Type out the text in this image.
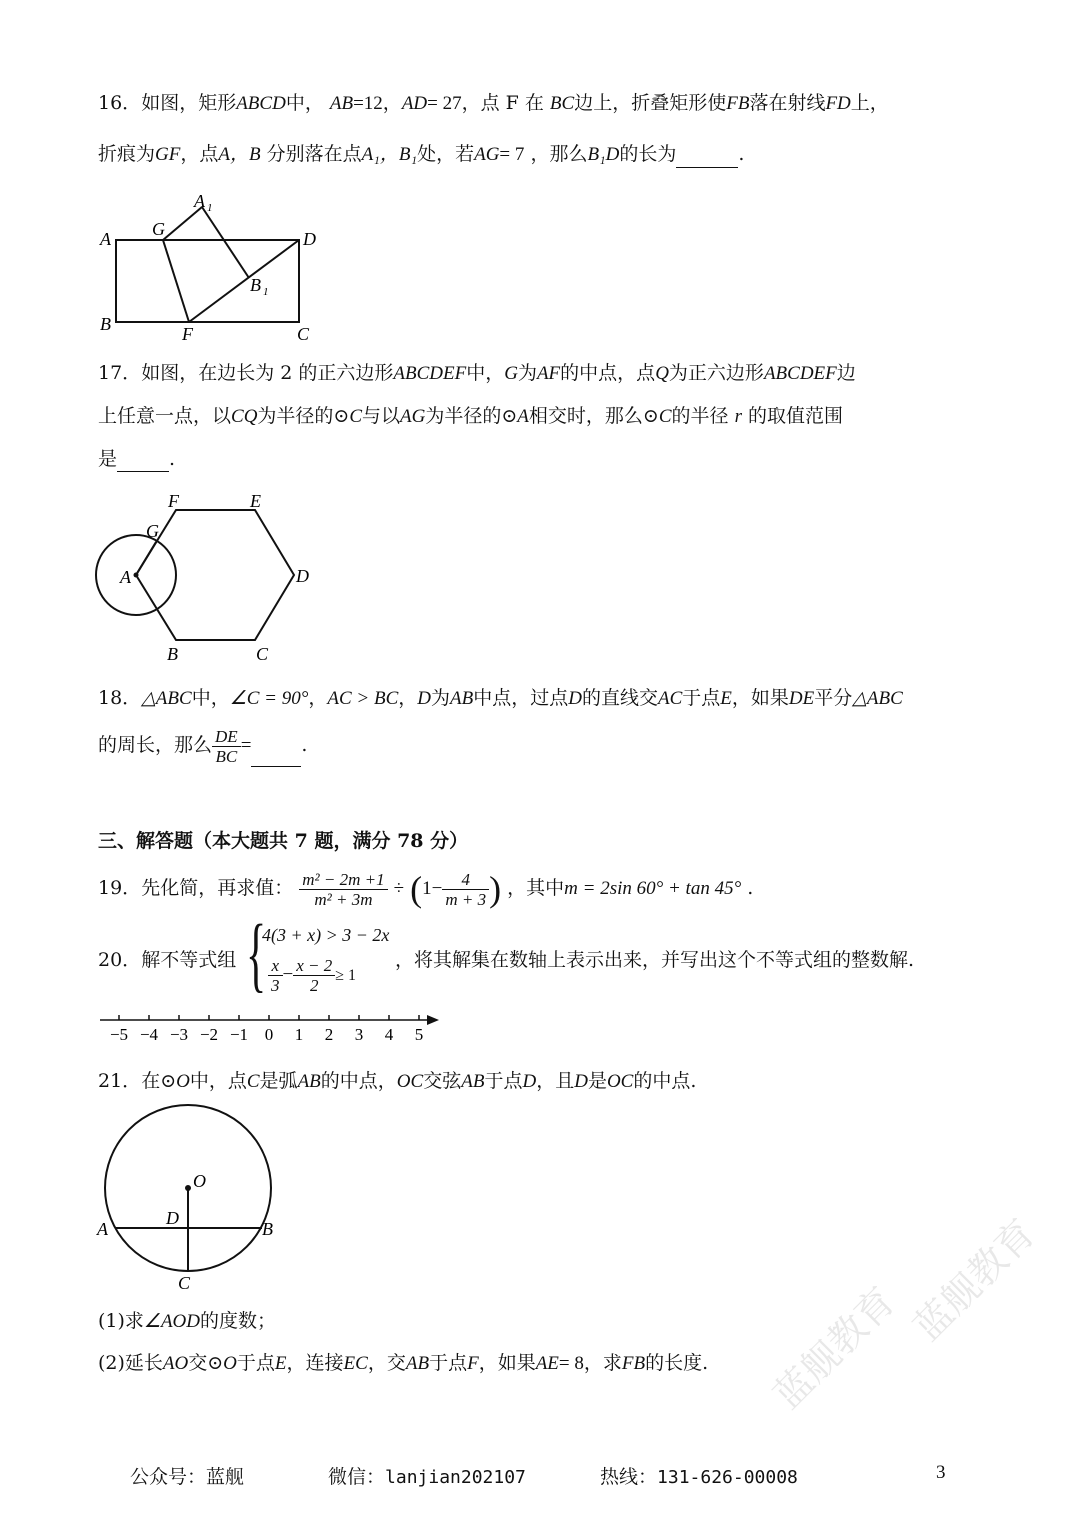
16．如图，矩形ABCD中， AB=12，AD= 27，点 F 在 BC边上，折叠矩形使FB落在射线FD上，
折痕为GF，点A，B 分别落在点A₁，B₁处，若AG= 7 ，那么B₁D的长为	.
A G
A 1
D
B 1
B	F	C
17．如图，在边长为 2 的正六边形ABCDEF中，G为AF的中点，点Q为正六边形ABCDEF边
上任意一点，以CQ为半径的⊙C与以AG为半径的⊙A相交时，那么⊙C的半径 r 的取值范围
是	.
F	E
G
A	D
B	C
18．△ABC中，∠C = 90°，AC > BC，D为AB中点，过点D的直线交AC于点E，如果DE平分△ABC
的周长，那么 $\frac{DE}{BC}$ =	.
三、解答题（本大题共 7 题，满分 78 分）
19．先化简，再求值： $\frac{\text{m² − 2m +1}}{\text{m² + 3m}} \div (1- \frac{4}{m + 3}$ ) ，其中m = 2sin 60° + tan 45° .
20．解不等式组 {
4(3 + x) > 3 − 2x
$\frac{x}{3} - \frac{x - 2}{2} \ge 1$
，将其解集在数轴上表示出来，并写出这个不等式组的整数解.
−5 −4 −3 −2 −1 0 1 2 3 4 5
21．在⊙O中，点C是弧AB的中点，OC交弦AB于点D，且D是OC的中点.
O
D
A	B
C
(1)求∠AOD的度数；
(2)延长AO交⊙O于点E，连接EC，交AB于点F，如果AE= 8，求FB的长度. 蓝舰教育 蓝舰教育
公众号：蓝舰	微信：lanjian202107	热线：131-626-00008	3
